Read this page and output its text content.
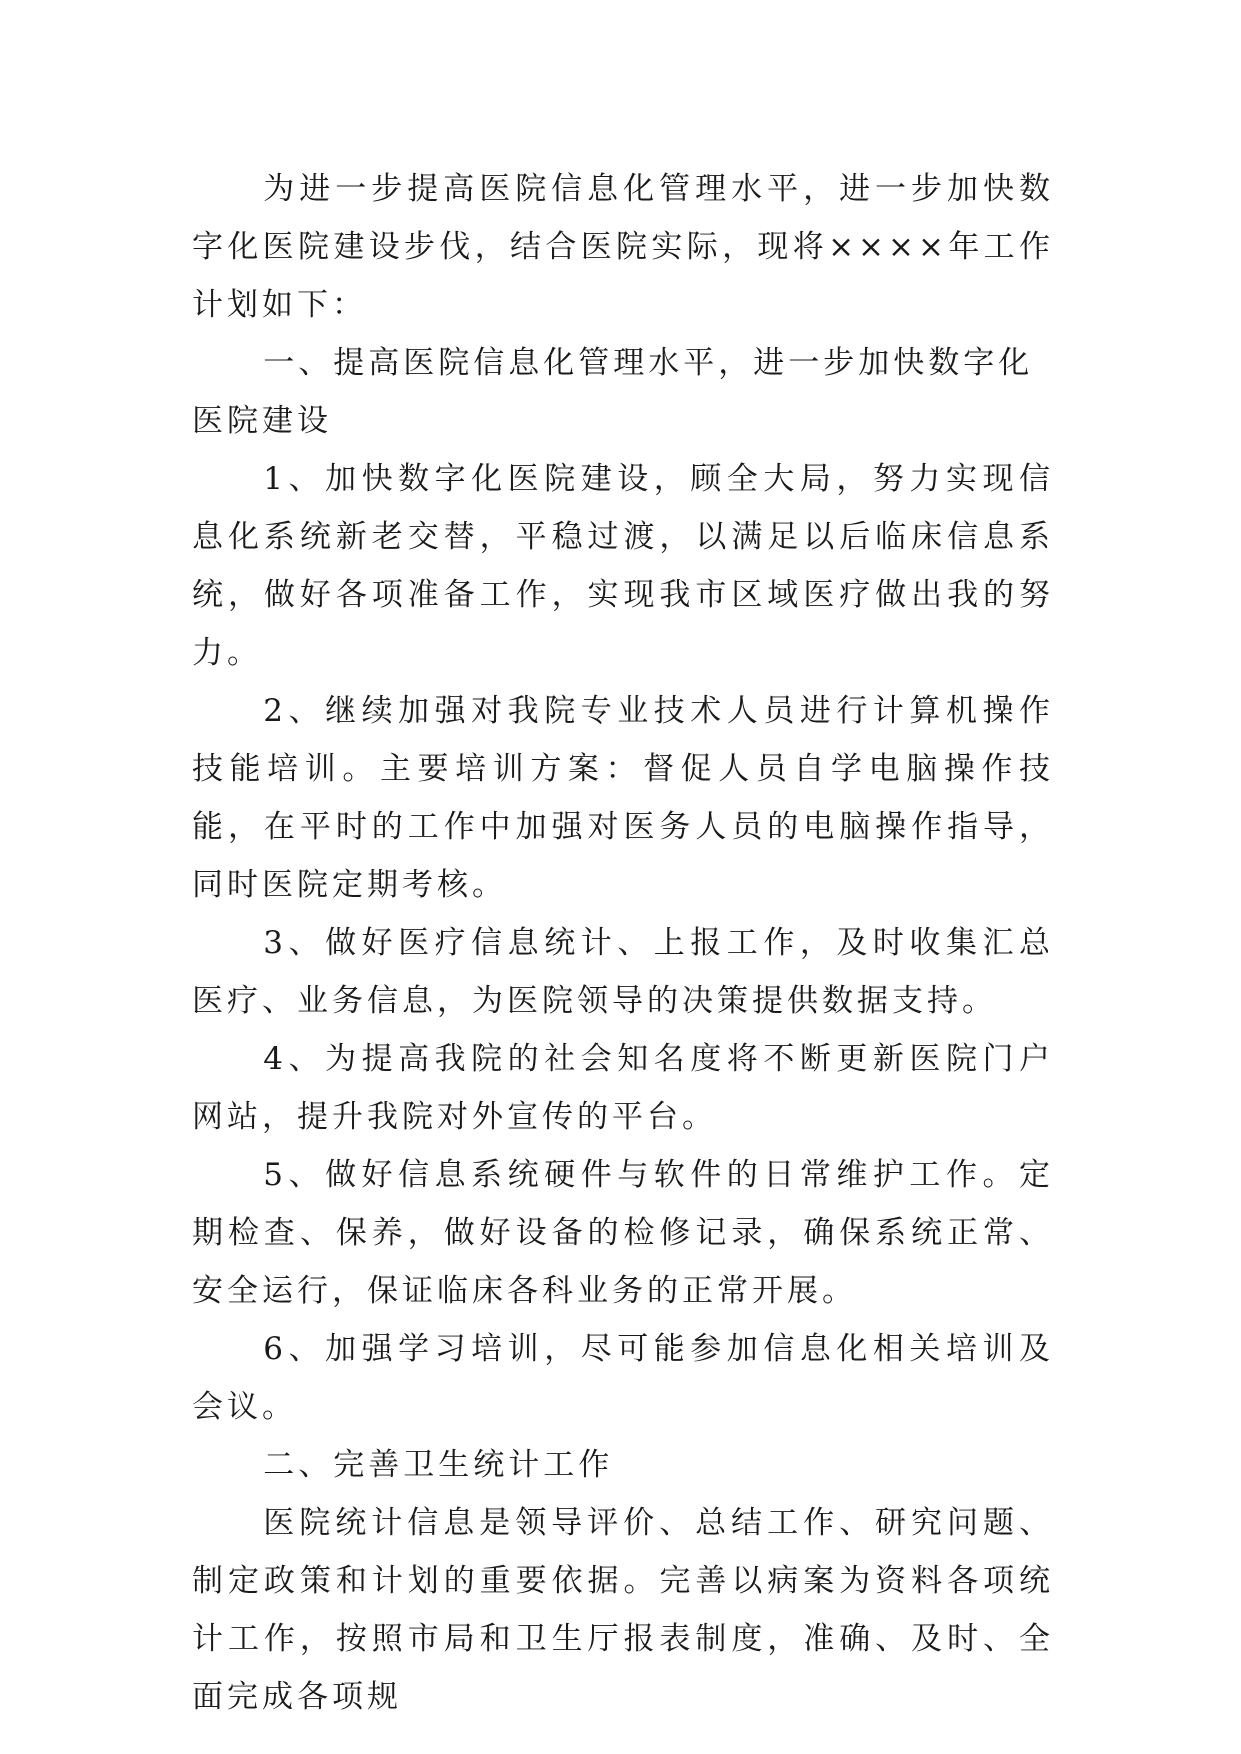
为进一步提高医院信息化管理水平，进一步加快数字化医院建设步伐，结合医院实际，现将××××年工作计划如下：

一、提高医院信息化管理水平，进一步加快数字化医院建设

1、加快数字化医院建设，顾全大局，努力实现信息化系统新老交替，平稳过渡，以满足以后临床信息系统，做好各项准备工作，实现我市区域医疗做出我的努力。

2、继续加强对我院专业技术人员进行计算机操作技能培训。主要培训方案：督促人员自学电脑操作技能，在平时的工作中加强对医务人员的电脑操作指导，同时医院定期考核。

3、做好医疗信息统计、上报工作，及时收集汇总医疗、业务信息，为医院领导的决策提供数据支持。

4、为提高我院的社会知名度将不断更新医院门户网站，提升我院对外宣传的平台。

5、做好信息系统硬件与软件的日常维护工作。定期检查、保养，做好设备的检修记录，确保系统正常、安全运行，保证临床各科业务的正常开展。

6、加强学习培训，尽可能参加信息化相关培训及会议。

二、完善卫生统计工作

医院统计信息是领导评价、总结工作、研究问题、制定政策和计划的重要依据。完善以病案为资料各项统计工作，按照市局和卫生厅报表制度，准确、及时、全面完成各项规
